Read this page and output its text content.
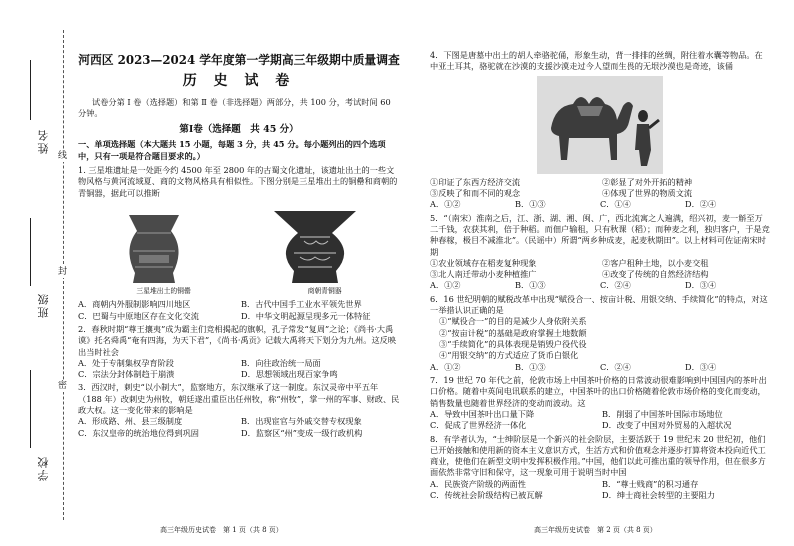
姓名
班级
学校
线
封
密
河西区 2023—2024 学年度第一学期高三年级期中质量调查
历 史 试 卷

试卷分第 Ⅰ 卷（选择题）和第 Ⅱ 卷（非选择题）两部分，共 100 分，考试时间 60 分钟。

第Ⅰ卷（选择题　共 45 分）

一、单项选择题（本大题共 15 小题，每题 3 分，共 45 分。每小题列出的四个选项中，只有一项是符合题目要求的。）

1. 三星堆遗址是一处距今约 4500 年至 2800 年的古蜀文化遗址，该遗址出土的一些文物风格与黄河流域夏、商的文物风格具有相似性。下图分别是三星堆出土的铜罍和商朝的青铜器，据此可以推断

三星堆出土的铜罍	商朝青铜器
A．商朝内外服制影响四川地区	B．古代中国手工业水平领先世界
C．巴蜀与中原地区存在文化交流	D．中华文明起源呈现多元一体特征

2．春秋时期“尊王攘夷”成为霸主们竞相揭起的旗帜，孔子常发“复周”之论；《尚书·大禹谟》托名舜禹“奄有四海，为天下君”，《尚书·禹贡》记载大禹将天下划分为九州。这反映出当时社会

A．处于专制集权孕育阶段	B．向往政治统一局面
C．宗法分封体制趋于崩溃	D．思想领域出现百家争鸣

3．西汉时，刺史“以小制大”，监察地方，东汉继承了这一制度。东汉灵帝中平五年（188 年）改刺史为州牧，朝廷遂出重臣出任州牧，称“州牧”，掌一州的军事、财政、民政大权。这一变化带来的影响是

A．形成路、州、县三级制度	B．出现宦官与外戚交替专权现象
C．东汉皇帝的统治地位得到巩固	D．监察区“州”变成一级行政机构
高三年级历史试卷　第 1 页（共 8 页）

4．下图是唐墓中出土的胡人牵骆驼俑，形象生动，背一排排的丝绸，附往着水囊等物品。在中亚土耳其，骆驼就在沙漠的支援沙漠走过今人望而生畏的无垠沙漠也是奇迹，该俑

①印证了东西方经济交流	②彰显了对外开拓的精神
③反映了和而不同的观念	④体现了世界的物质文流
A．①②	B．①③	C．①④	D．②④

5．“（南宋）淮南之后，江、浙、湖、湘、闽、广，西北流寓之人遍满，绍兴初，麦一斛至万二千钱，农获其利，倍于种稻。而佃户输租，只有秋课（稻）；而种麦之利，独归客户，于是竞种春稼，极目不减淮北”。（民谣中）所谓“两乡种成麦，起麦秋期田”。以上材料可佐证南宋时期

①农业领域存在稻麦复种现象	②客户租种土地，以小麦交租
③北人南迁带动小麦种植推广	④改变了传统的自然经济结构
A．①②	B．①③	C．②④	D．③④

6．16 世纪明朝的赋税改革中出现“赋役合一、按亩计税、用银交纳、手续简化”的特点，对这一举措认识正确的是

①“赋役合一”的目的是减少人身依附关系

②“按亩计税”的基础是政府掌握土地数额

③“手续简化”的具体表现是销毁户役代役

④“用银交纳”的方式适应了货币白银化

A．①②	B．①③	C．②④	D．③④

7．19 世纪 70 年代之前，伦敦市场上中国茶叶价格的日常波动很难影响到中国国内的茶叶出口价格。随着中英间电讯联系的建立，中国茶叶的出口价格随着伦敦市场价格的变化而变动，销售数量也随着世界经济的变动而波动。这

A．导致中国茶叶出口量下降	B．削弱了中国茶叶国际市场地位
C．促成了世界经济一体化	D．改变了中国对外贸易的入超状况

8．有学者认为，“士绅阶层是一个新兴的社会阶层，主要活跃于 19 世纪末 20 世纪初，他们已开始接触和使用新的资本主义意识方式，生活方式和价值观念并逐步打算将资本投向近代工商业，使他们在新型文明中发挥积极作用。”中国，他们以此可推出重的领导作用，但在很多方面依然非常守旧和保守，这一现象可用于说明当时中国

A．民族资产阶级的两面性	B．“尊士贱商”的积习通存
C．传统社会阶级结构已被瓦解	D．绅士商社会转型的主要阻力
高三年级历史试卷　第 2 页（共 8 页）
